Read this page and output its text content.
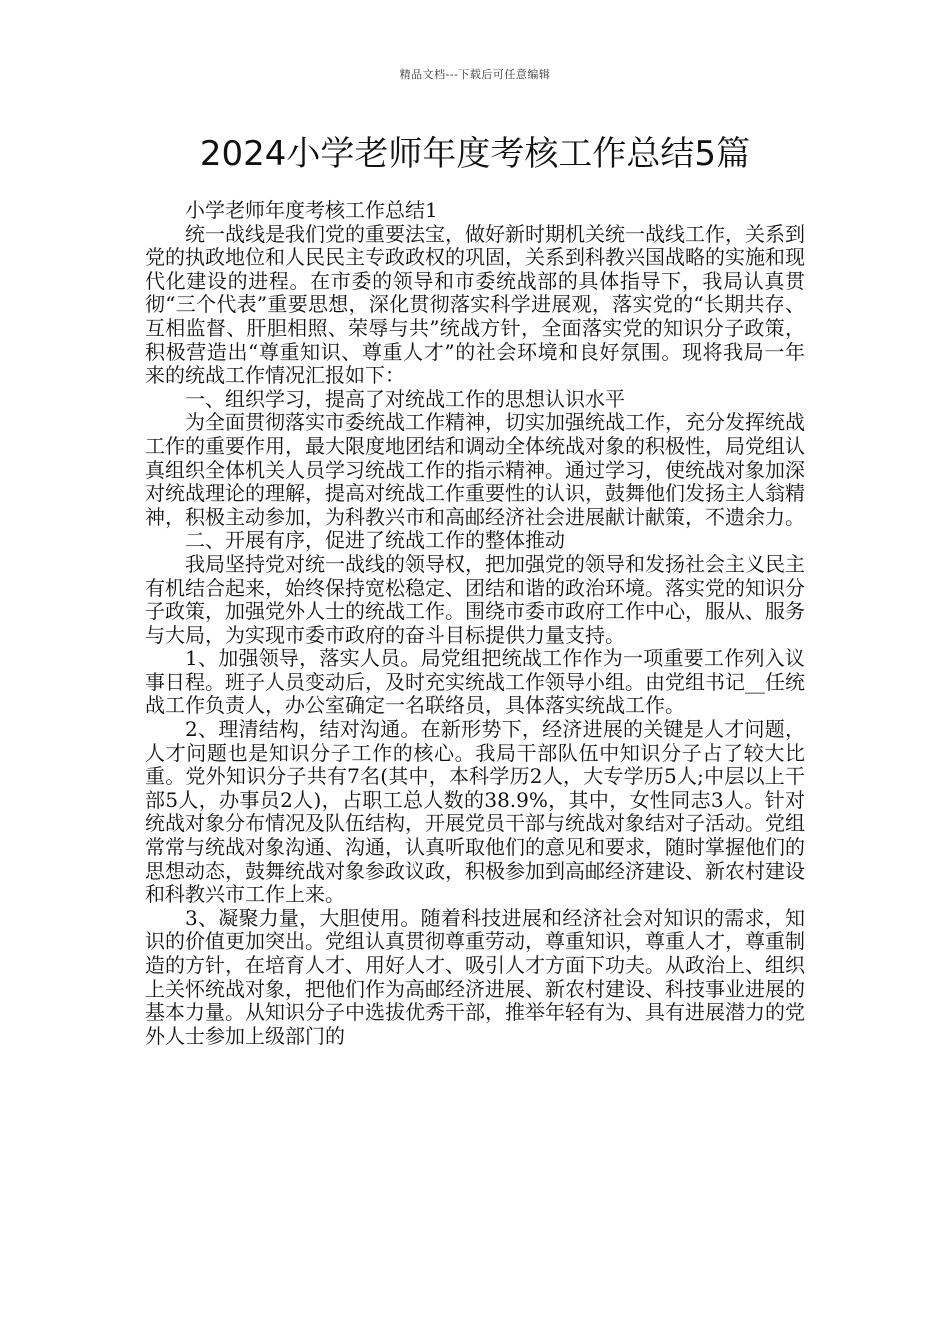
精品文档---下载后可任意编辑
2024小学老师年度考核工作总结5篇

小学老师年度考核工作总结1

统一战线是我们党的重要法宝，做好新时期机关统一战线工作，关系到党的执政地位和人民民主专政政权的巩固，关系到科教兴国战略的实施和现代化建设的进程。在市委的领导和市委统战部的具体指导下，我局认真贯彻“三个代表”重要思想，深化贯彻落实科学进展观，落实党的“长期共存、互相监督、肝胆相照、荣辱与共”统战方针，全面落实党的知识分子政策，积极营造出“尊重知识、尊重人才”的社会环境和良好氛围。现将我局一年来的统战工作情况汇报如下：

一、组织学习，提高了对统战工作的思想认识水平

为全面贯彻落实市委统战工作精神，切实加强统战工作，充分发挥统战工作的重要作用，最大限度地团结和调动全体统战对象的积极性，局党组认真组织全体机关人员学习统战工作的指示精神。通过学习，使统战对象加深对统战理论的理解，提高对统战工作重要性的认识，鼓舞他们发扬主人翁精神，积极主动参加，为科教兴市和高邮经济社会进展献计献策，不遗余力。

二、开展有序，促进了统战工作的整体推动

我局坚持党对统一战线的领导权，把加强党的领导和发扬社会主义民主有机结合起来，始终保持宽松稳定、团结和谐的政治环境。落实党的知识分子政策，加强党外人士的统战工作。围绕市委市政府工作中心，服从、服务与大局，为实现市委市政府的奋斗目标提供力量支持。

1、加强领导，落实人员。局党组把统战工作作为一项重要工作列入议事日程。班子人员变动后，及时充实统战工作领导小组。由党组书记__任统战工作负责人，办公室确定一名联络员，具体落实统战工作。

2、理清结构，结对沟通。在新形势下，经济进展的关键是人才问题，人才问题也是知识分子工作的核心。我局干部队伍中知识分子占了较大比重。党外知识分子共有7名(其中，本科学历2人，大专学历5人;中层以上干部5人，办事员2人)，占职工总人数的38.9%，其中，女性同志3人。针对统战对象分布情况及队伍结构，开展党员干部与统战对象结对子活动。党组常常与统战对象沟通、沟通，认真听取他们的意见和要求，随时掌握他们的思想动态，鼓舞统战对象参政议政，积极参加到高邮经济建设、新农村建设和科教兴市工作上来。

3、凝聚力量，大胆使用。随着科技进展和经济社会对知识的需求，知识的价值更加突出。党组认真贯彻尊重劳动，尊重知识，尊重人才，尊重制造的方针，在培育人才、用好人才、吸引人才方面下功夫。从政治上、组织上关怀统战对象，把他们作为高邮经济进展、新农村建设、科技事业进展的基本力量。从知识分子中选拔优秀干部，推举年轻有为、具有进展潜力的党外人士参加上级部门的
